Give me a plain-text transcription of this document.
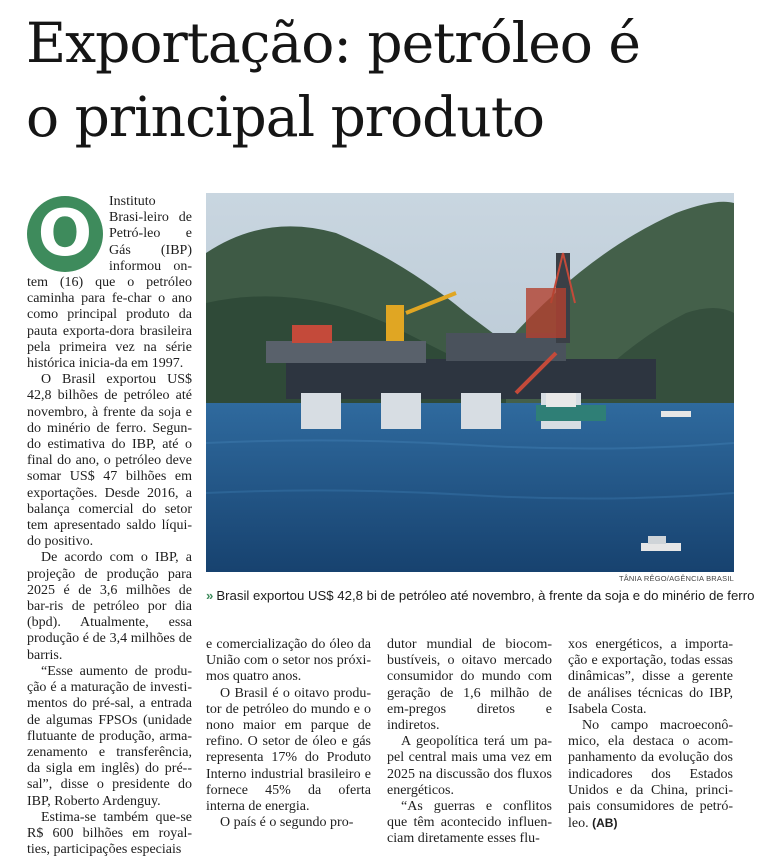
Exportação: petróleo é
o principal produto
O	Instituto Brasi-leiro de Petró-leo e Gás (IBP) informou on-tem (16) que o petróleo caminha para fe-char o ano como principal produto da pauta exporta-dora brasileira pela primeira vez na série histórica inicia-da em 1997.

O Brasil exportou US$ 42,8 bilhões de petróleo até novembro, à frente da soja e do minério de ferro. Segun-do estimativa do IBP, até o final do ano, o petróleo deve somar US$ 47 bilhões em exportações. Desde 2016, a balança comercial do setor tem apresentado saldo líqui-do positivo.

De acordo com o IBP, a projeção de produção para 2025 é de 3,6 milhões de bar-ris de petróleo por dia (bpd). Atualmente, essa produção é de 3,4 milhões de barris.

“Esse aumento de produ-ção é a maturação de investi-mentos do pré-sal, a entrada de algumas FPSOs (unidade flutuante de produção, arma-zenamento e transferência, da sigla em inglês) do pré--sal”, disse o presidente do IBP, Roberto Ardenguy.

Estima-se também que-se R$ 600 bilhões em royal-ties, participações especiais

TÂNIA RÊGO/AGÊNCIA BRASIL
» Brasil exportou US$ 42,8 bi de petróleo até novembro, à frente da soja e do minério de ferro

e comercialização do óleo da União com o setor nos próxi-mos quatro anos.

O Brasil é o oitavo produ-tor de petróleo do mundo e o nono maior em parque de refino. O setor de óleo e gás representa 17% do Produto Interno industrial brasileiro e fornece 45% da oferta interna de energia.

O país é o segundo pro-

dutor mundial de biocom-bustíveis, o oitavo mercado consumidor do mundo com geração de 1,6 milhão de em-pregos diretos e indiretos.

A geopolítica terá um pa-pel central mais uma vez em 2025 na discussão dos fluxos energéticos.

“As guerras e conflitos que têm acontecido influen-ciam diretamente esses flu-

xos energéticos, a importa-ção e exportação, todas essas dinâmicas”, disse a gerente de análises técnicas do IBP, Isabela Costa.

No campo macroeconô-mico, ela destaca o acom-panhamento da evolução dos indicadores dos Estados Unidos e da China, princi-pais consumidores de petró-leo. (AB)
